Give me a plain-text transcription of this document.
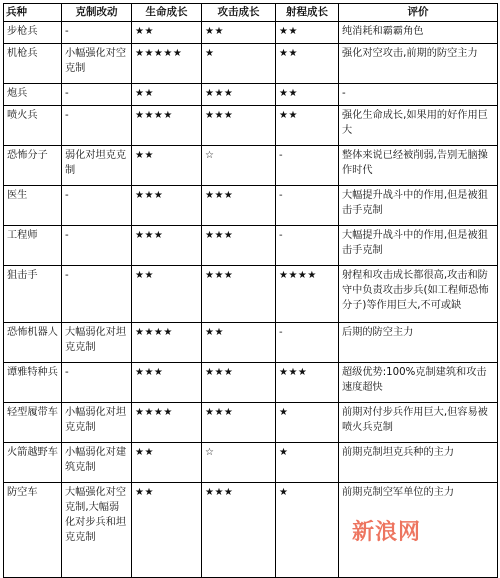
兵种	克制改动	生命成长	攻击成长	射程成长	评价
步枪兵	-	★★	★★	★★	纯消耗和霸霸角色
机枪兵	小幅强化对空克制	★★★★★	★	★★	强化对空攻击,前期的防空主力
炮兵	-	★★	★★★	★★	-
喷火兵	-	★★★★	★★★	★★	强化生命成长,如果用的好作用巨大
恐怖分子	弱化对坦克克制	★★	☆	-	整体来说已经被削弱,告别无脑操作时代
医生	-	★★★	★★★	-	大幅提升战斗中的作用,但是被狙击手克制
工程师	-	★★★	★★★	-	大幅提升战斗中的作用,但是被狙击手克制
狙击手	-	★★	★★★	★★★★	射程和攻击成长都很高,攻击和防守中负责攻击步兵(如工程师恐怖分子)等作用巨大,不可或缺
恐怖机器人	大幅弱化对坦克克制	★★★★	★★	-	后期的防空主力
谭雅特种兵	-	★★★	★★★	★★★	超级优势:100%克制建筑和攻击速度超快
轻型履带车	小幅弱化对坦克克制	★★★★	★★★	★	前期对付步兵作用巨大,但容易被喷火兵克制
火箭越野车	小幅弱化对建筑克制	★★	☆	★	前期克制坦克兵种的主力
防空车	大幅强化对空克制,大幅弱化对步兵和坦克克制	★★	★★★	★	前期克制空军单位的主力
新浪网
